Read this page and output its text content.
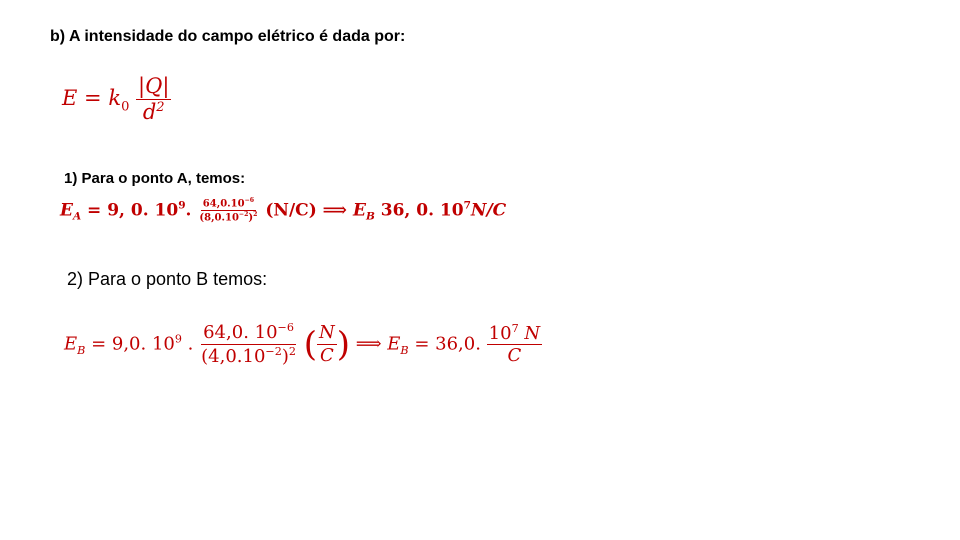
b) A intensidade do campo elétrico é dada por:
$E = k_0 \frac{|Q|}{d^2}$
1) Para o ponto A, temos:
$E_A = 9$, 0. $10^9$. $\frac{64,0.10^{-6}}{(8,0.10^{-2})^2} (N/C)$ ⟹ $E_B$ 36, 0. $10^7N/C$
2) Para o ponto B temos:
$E_B = 9,0$. $10^9$ . $\frac{64,0. 10^{-6}}{(4,0.10^{-2})^2}$ ( $\frac{N}{C}$ ) ⟹ $E_B = 36,0$. $\frac{10^7 N}{C}$
